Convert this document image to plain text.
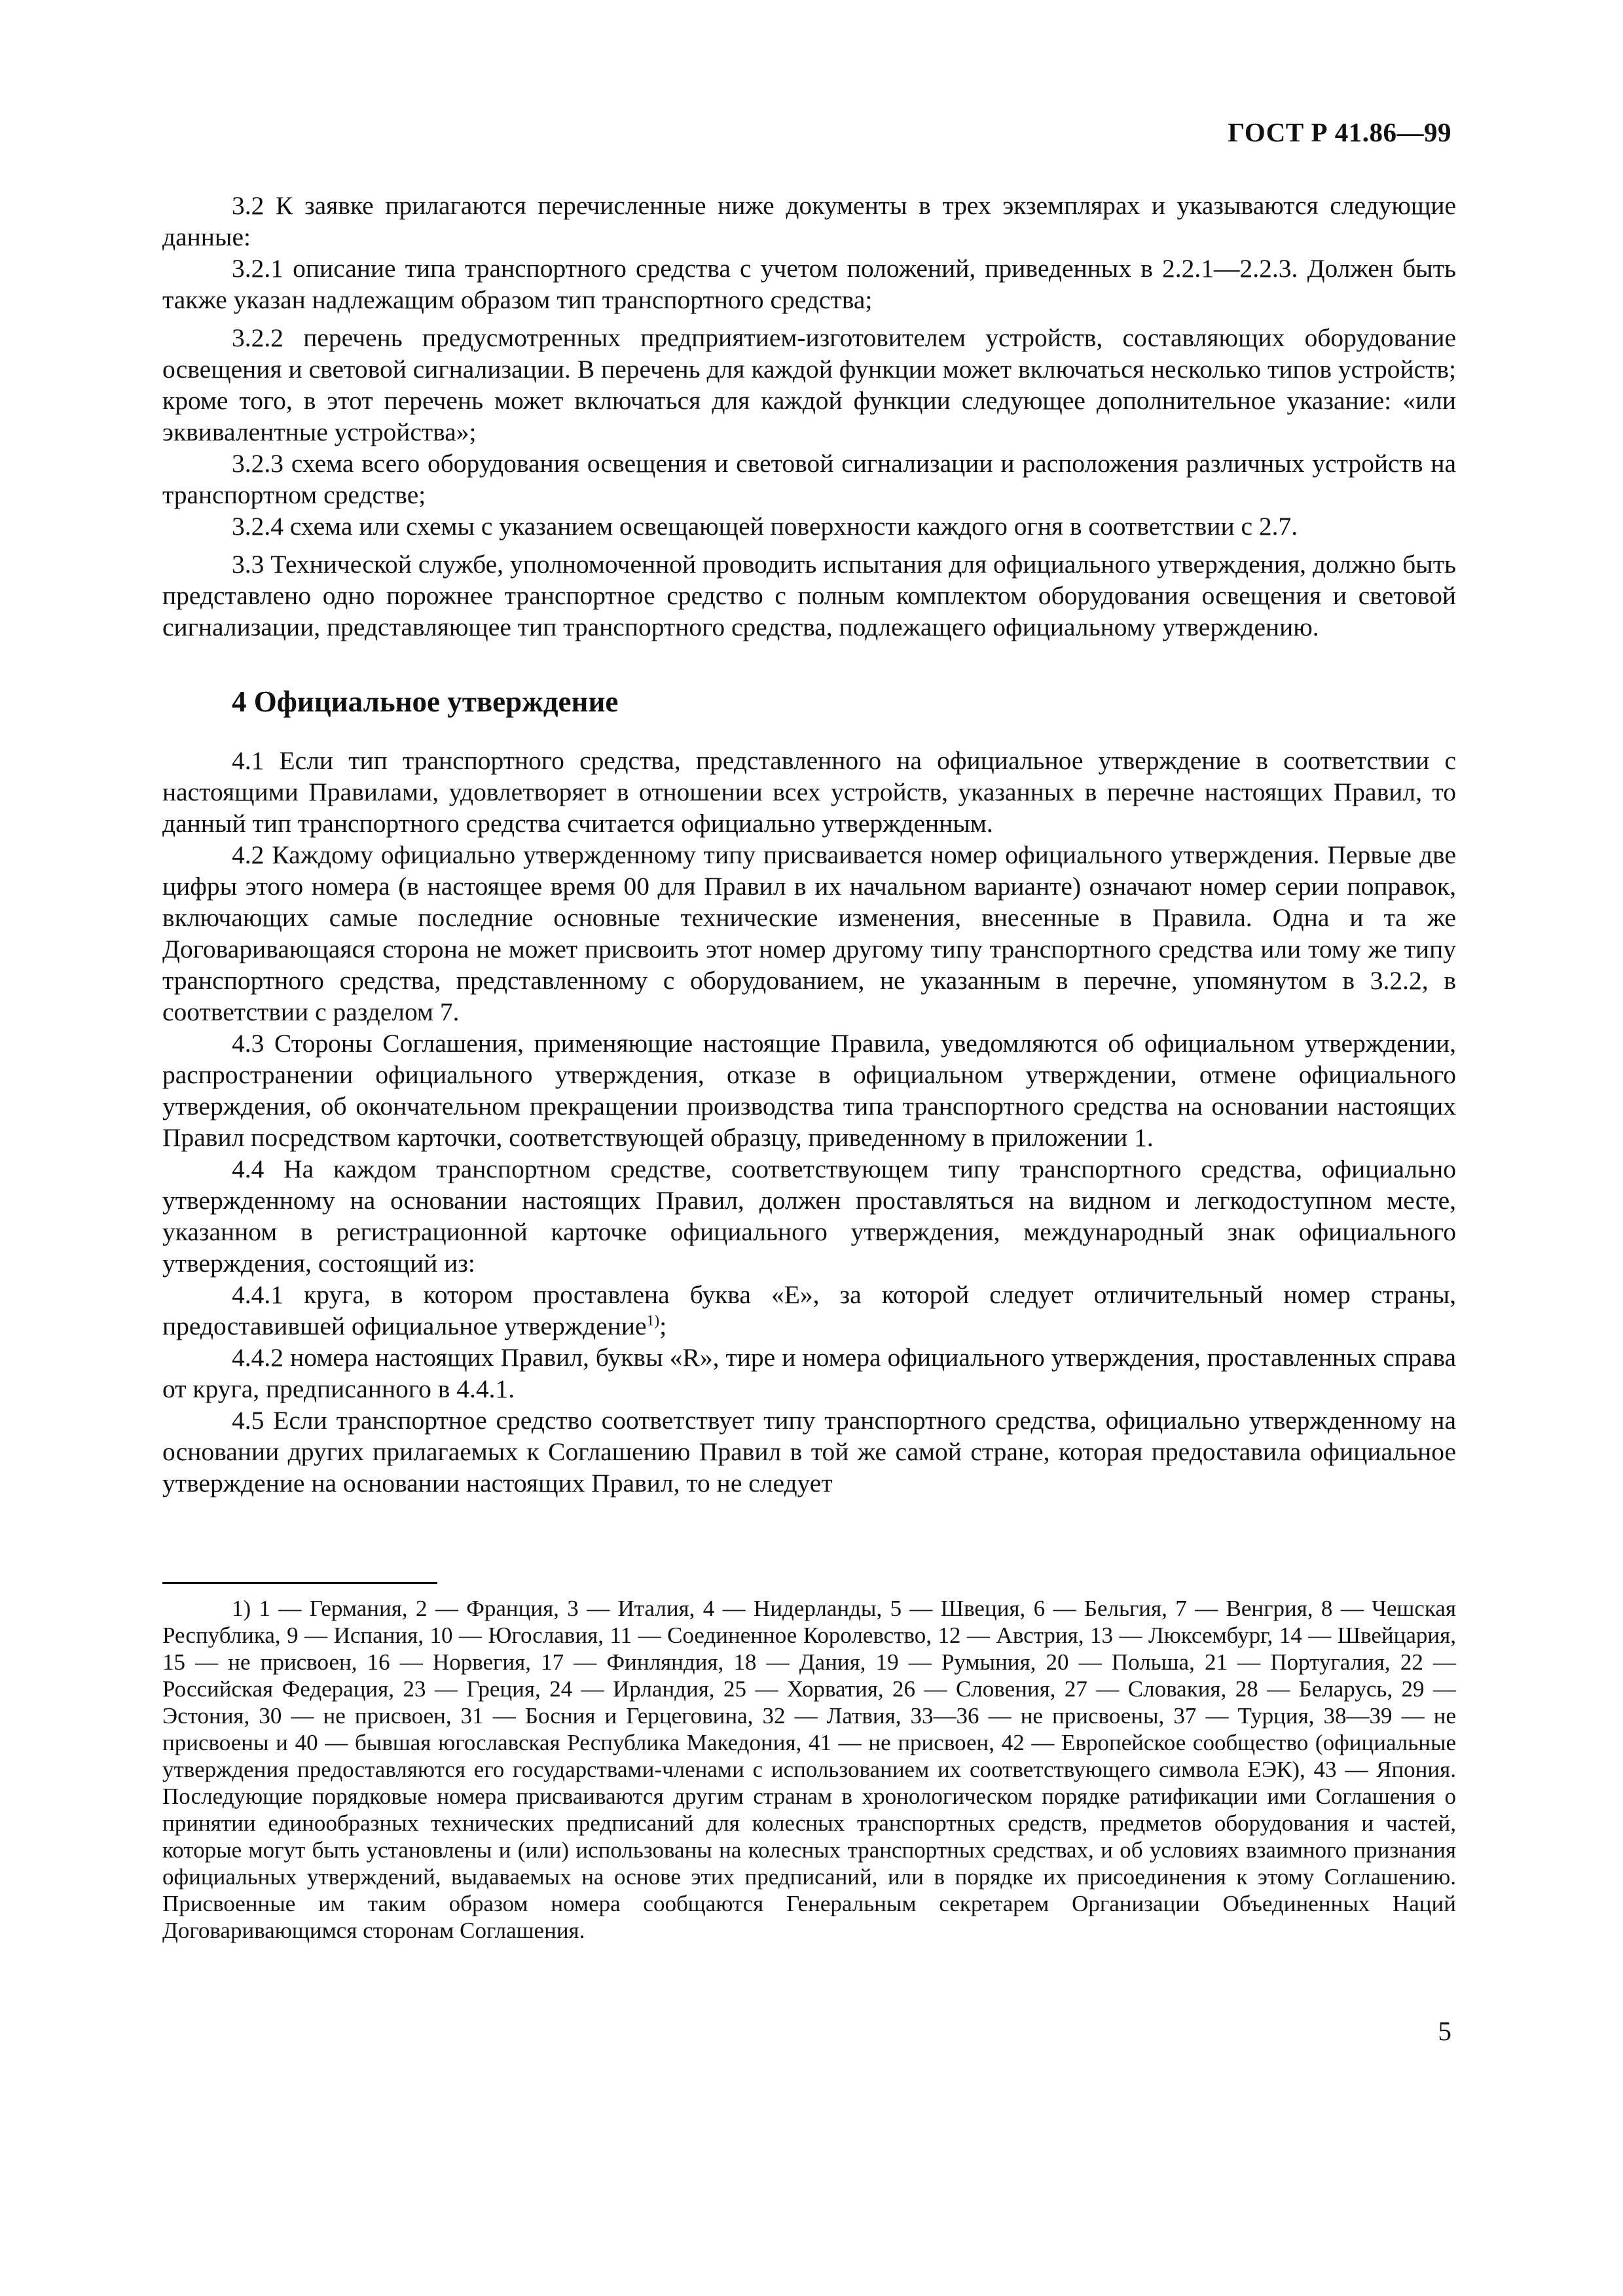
ГОСТ Р 41.86—99

3.2 К заявке прилагаются перечисленные ниже документы в трех экземплярах и указываются следующие данные:

3.2.1 описание типа транспортного средства с учетом положений, приведенных в 2.2.1—2.2.3. Должен быть также указан надлежащим образом тип транспортного средства;

3.2.2 перечень предусмотренных предприятием-изготовителем устройств, составляющих оборудование освещения и световой сигнализации. В перечень для каждой функции может включаться несколько типов устройств; кроме того, в этот перечень может включаться для каждой функции следующее дополнительное указание: «или эквивалентные устройства»;

3.2.3 схема всего оборудования освещения и световой сигнализации и расположения различных устройств на транспортном средстве;

3.2.4 схема или схемы с указанием освещающей поверхности каждого огня в соответствии с 2.7.

3.3 Технической службе, уполномоченной проводить испытания для официального утверждения, должно быть представлено одно порожнее транспортное средство с полным комплектом оборудования освещения и световой сигнализации, представляющее тип транспортного средства, подлежащего официальному утверждению.

4 Официальное утверждение

4.1 Если тип транспортного средства, представленного на официальное утверждение в соответствии с настоящими Правилами, удовлетворяет в отношении всех устройств, указанных в перечне настоящих Правил, то данный тип транспортного средства считается официально утвержденным.

4.2 Каждому официально утвержденному типу присваивается номер официального утверждения. Первые две цифры этого номера (в настоящее время 00 для Правил в их начальном варианте) означают номер серии поправок, включающих самые последние основные технические изменения, внесенные в Правила. Одна и та же Договаривающаяся сторона не может присвоить этот номер другому типу транспортного средства или тому же типу транспортного средства, представленному с оборудованием, не указанным в перечне, упомянутом в 3.2.2, в соответствии с разделом 7.

4.3 Стороны Соглашения, применяющие настоящие Правила, уведомляются об официальном утверждении, распространении официального утверждения, отказе в официальном утверждении, отмене официального утверждения, об окончательном прекращении производства типа транспортного средства на основании настоящих Правил посредством карточки, соответствующей образцу, приведенному в приложении 1.

4.4 На каждом транспортном средстве, соответствующем типу транспортного средства, официально утвержденному на основании настоящих Правил, должен проставляться на видном и легкодоступном месте, указанном в регистрационной карточке официального утверждения, международный знак официального утверждения, состоящий из:

4.4.1 круга, в котором проставлена буква «Е», за которой следует отличительный номер страны, предоставившей официальное утверждение$^{1)}$;

4.4.2 номера настоящих Правил, буквы «R», тире и номера официального утверждения, проставленных справа от круга, предписанного в 4.4.1.

4.5 Если транспортное средство соответствует типу транспортного средства, официально утвержденному на основании других прилагаемых к Соглашению Правил в той же самой стране, которая предоставила официальное утверждение на основании настоящих Правил, то не следует

1) 1 — Германия, 2 — Франция, 3 — Италия, 4 — Нидерланды, 5 — Швеция, 6 — Бельгия, 7 — Венгрия, 8 — Чешская Республика, 9 — Испания, 10 — Югославия, 11 — Соединенное Королевство, 12 — Австрия, 13 — Люксембург, 14 — Швейцария, 15 — не присвоен, 16 — Норвегия, 17 — Финляндия, 18 — Дания, 19 — Румыния, 20 — Польша, 21 — Португалия, 22 — Российская Федерация, 23 — Греция, 24 — Ирландия, 25 — Хорватия, 26 — Словения, 27 — Словакия, 28 — Беларусь, 29 — Эстония, 30 — не присвоен, 31 — Босния и Герцеговина, 32 — Латвия, 33—36 — не присвоены, 37 — Турция, 38—39 — не присвоены и 40 — бывшая югославская Республика Македония, 41 — не присвоен, 42 — Европейское сообщество (официальные утверждения предоставляются его государствами-членами с использованием их соответствующего символа ЕЭК), 43 — Япония. Последующие порядковые номера присваиваются другим странам в хронологическом порядке ратификации ими Соглашения о принятии единообразных технических предписаний для колесных транспортных средств, предметов оборудования и частей, которые могут быть установлены и (или) использованы на колесных транспортных средствах, и об условиях взаимного признания официальных утверждений, выдаваемых на основе этих предписаний, или в порядке их присоединения к этому Соглашению. Присвоенные им таким образом номера сообщаются Генеральным секретарем Организации Объединенных Наций Договаривающимся сторонам Соглашения.

5
